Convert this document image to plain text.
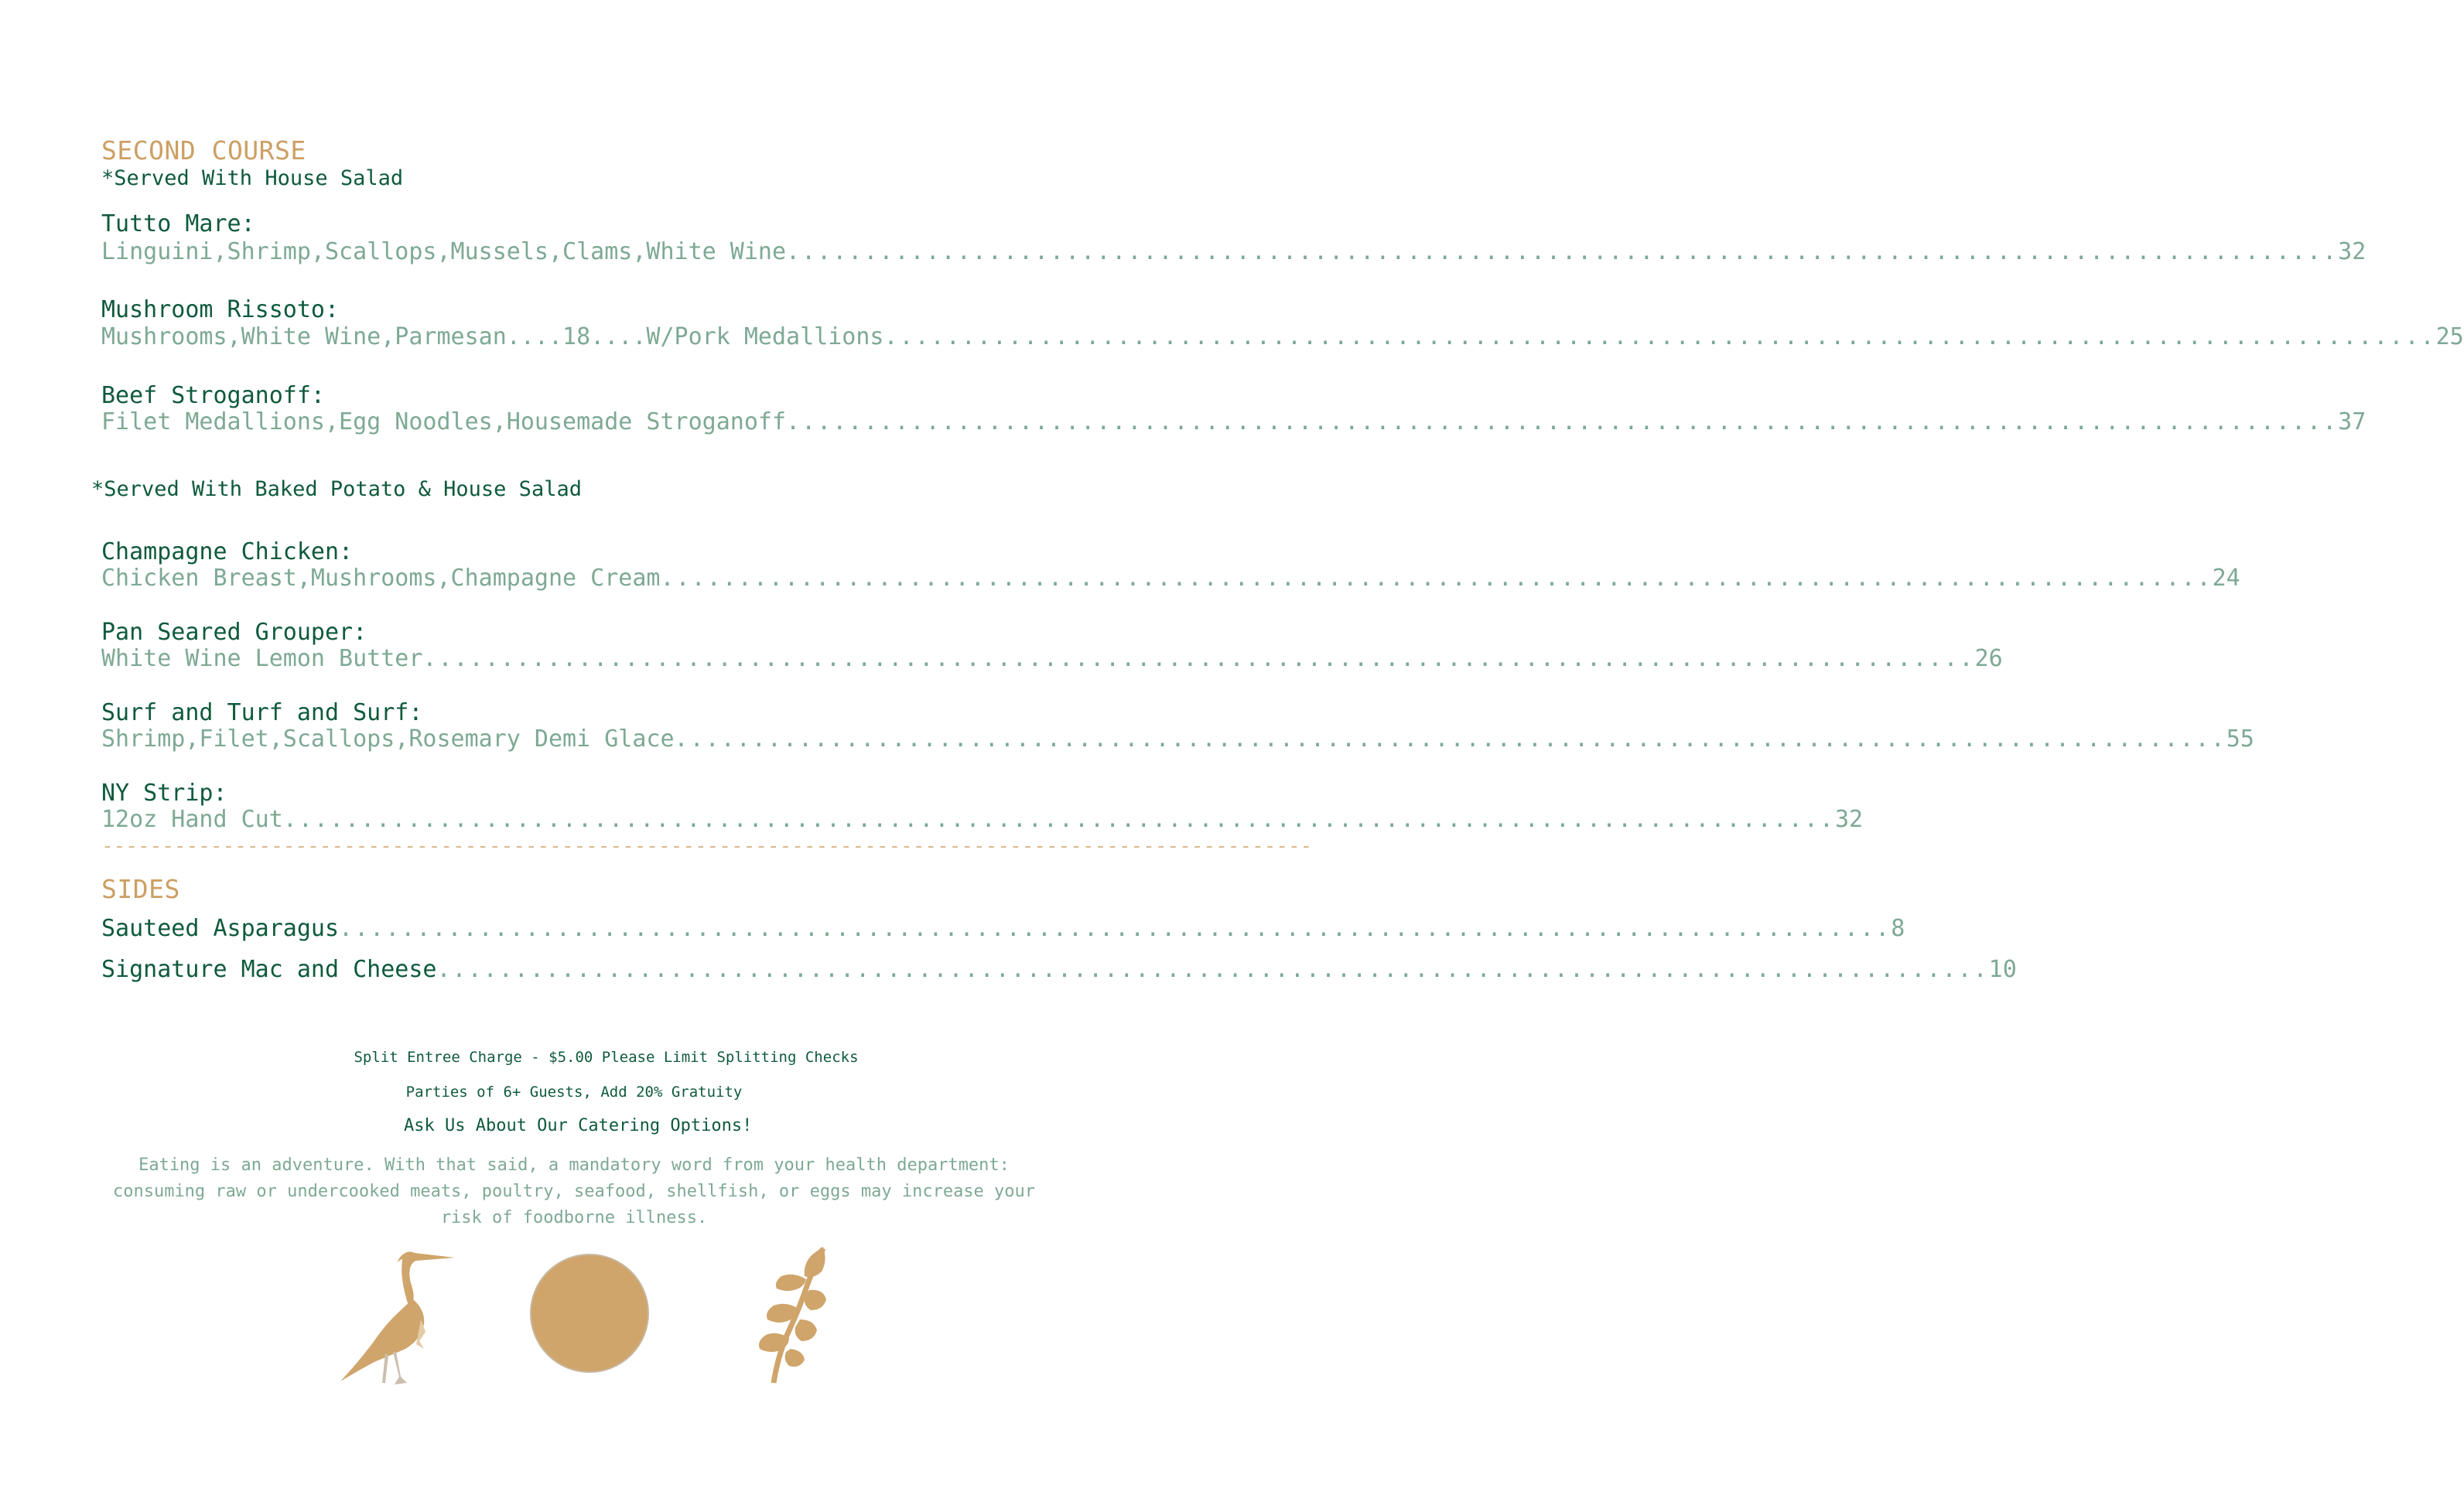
SECOND COURSE
*Served With House Salad
Tutto Mare:
Linguini,Shrimp,Scallops,Mussels,Clams,White Wine .................................................................................................... 32
Mushroom Rissoto:
Mushrooms,White Wine,Parmesan....18....W/Pork Medallions .................................................................................................... 25
Beef Stroganoff:
Filet Medallions,Egg Noodles,Housemade Stroganoff .................................................................................................... 37
*Served With Baked Potato & House Salad
Champagne Chicken:
Chicken Breast,Mushrooms,Champagne Cream .................................................................................................... 24
Pan Seared Grouper:
White Wine Lemon Butter .................................................................................................... 26
Surf and Turf and Surf:
Shrimp,Filet,Scallops,Rosemary Demi Glace .................................................................................................... 55
NY Strip:
12oz Hand Cut .................................................................................................... 32
----------------------------------------------------------------------------------------------------
SIDES
Sauteed Asparagus .................................................................................................... 8
Signature Mac and Cheese .................................................................................................... 10
Split Entree Charge - $5.00 Please Limit Splitting Checks
Parties of 6+ Guests, Add 20% Gratuity
Ask Us About Our Catering Options!
Eating is an adventure. With that said, a mandatory word from your health department: consuming raw or undercooked meats, poultry, seafood, shellfish, or eggs may increase your risk of foodborne illness.
